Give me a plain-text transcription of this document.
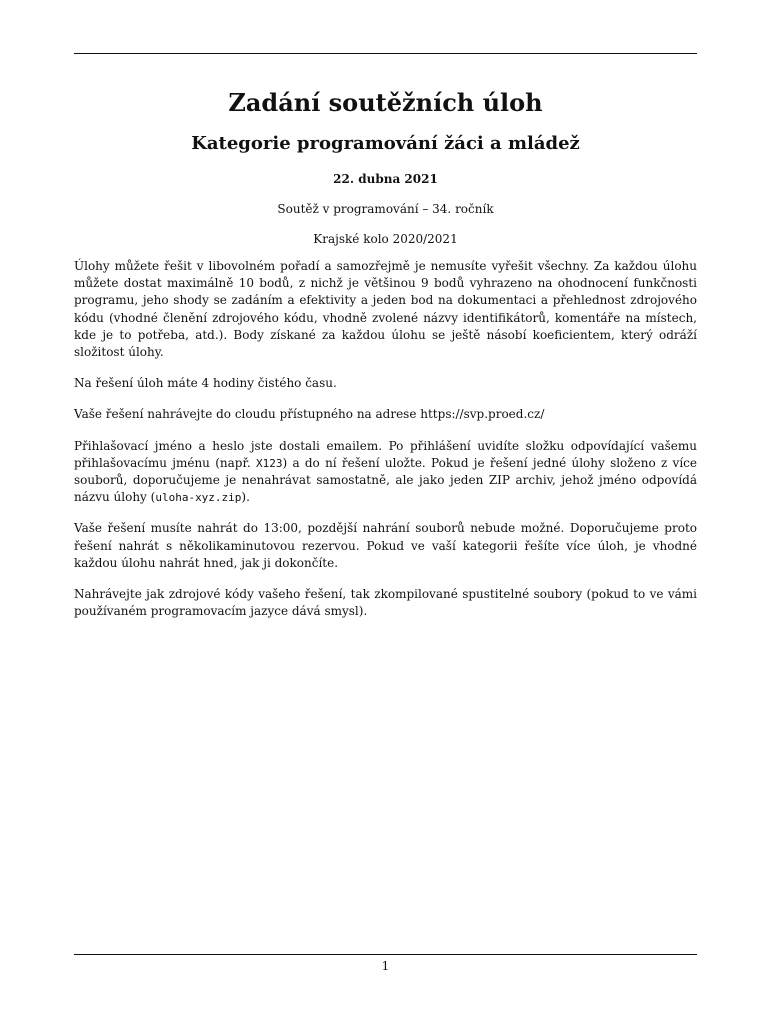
Zadání soutěžních úloh
Kategorie programování žáci a mládež
22. dubna 2021
Soutěž v programování – 34. ročník
Krajské kolo 2020/2021

Úlohy můžete řešit v libovolném pořadí a samozřejmě je nemusíte vyřešit všechny. Za každou úlohu můžete dostat maximálně 10 bodů, z nichž je většinou 9 bodů vyhrazeno na ohodnocení funkčnosti programu, jeho shody se zadáním a efektivity a jeden bod na dokumentaci a přehlednost zdrojového kódu (vhodné členění zdrojového kódu, vhodně zvolené názvy identifikátorů, komentáře na místech, kde je to potřeba, atd.). Body získané za každou úlohu se ještě násobí koeficientem, který odráží složitost úlohy.

Na řešení úloh máte 4 hodiny čistého času.

Vaše řešení nahrávejte do cloudu přístupného na adrese https://svp.proed.cz/

Přihlašovací jméno a heslo jste dostali emailem. Po přihlášení uvidíte složku odpovídající vašemu přihlašovacímu jménu (např. X123) a do ní řešení uložte. Pokud je řešení jedné úlohy složeno z více souborů, doporučujeme je nenahrávat samostatně, ale jako jeden ZIP archiv, jehož jméno odpovídá názvu úlohy (uloha-xyz.zip).

Vaše řešení musíte nahrát do 13:00, pozdější nahrání souborů nebude možné. Doporučujeme proto řešení nahrát s několikaminutovou rezervou. Pokud ve vaší kategorii řešíte více úloh, je vhodné každou úlohu nahrát hned, jak ji dokončíte.

Nahrávejte jak zdrojové kódy vašeho řešení, tak zkompilované spustitelné soubory (pokud to ve vámi používaném programovacím jazyce dává smysl).

1
